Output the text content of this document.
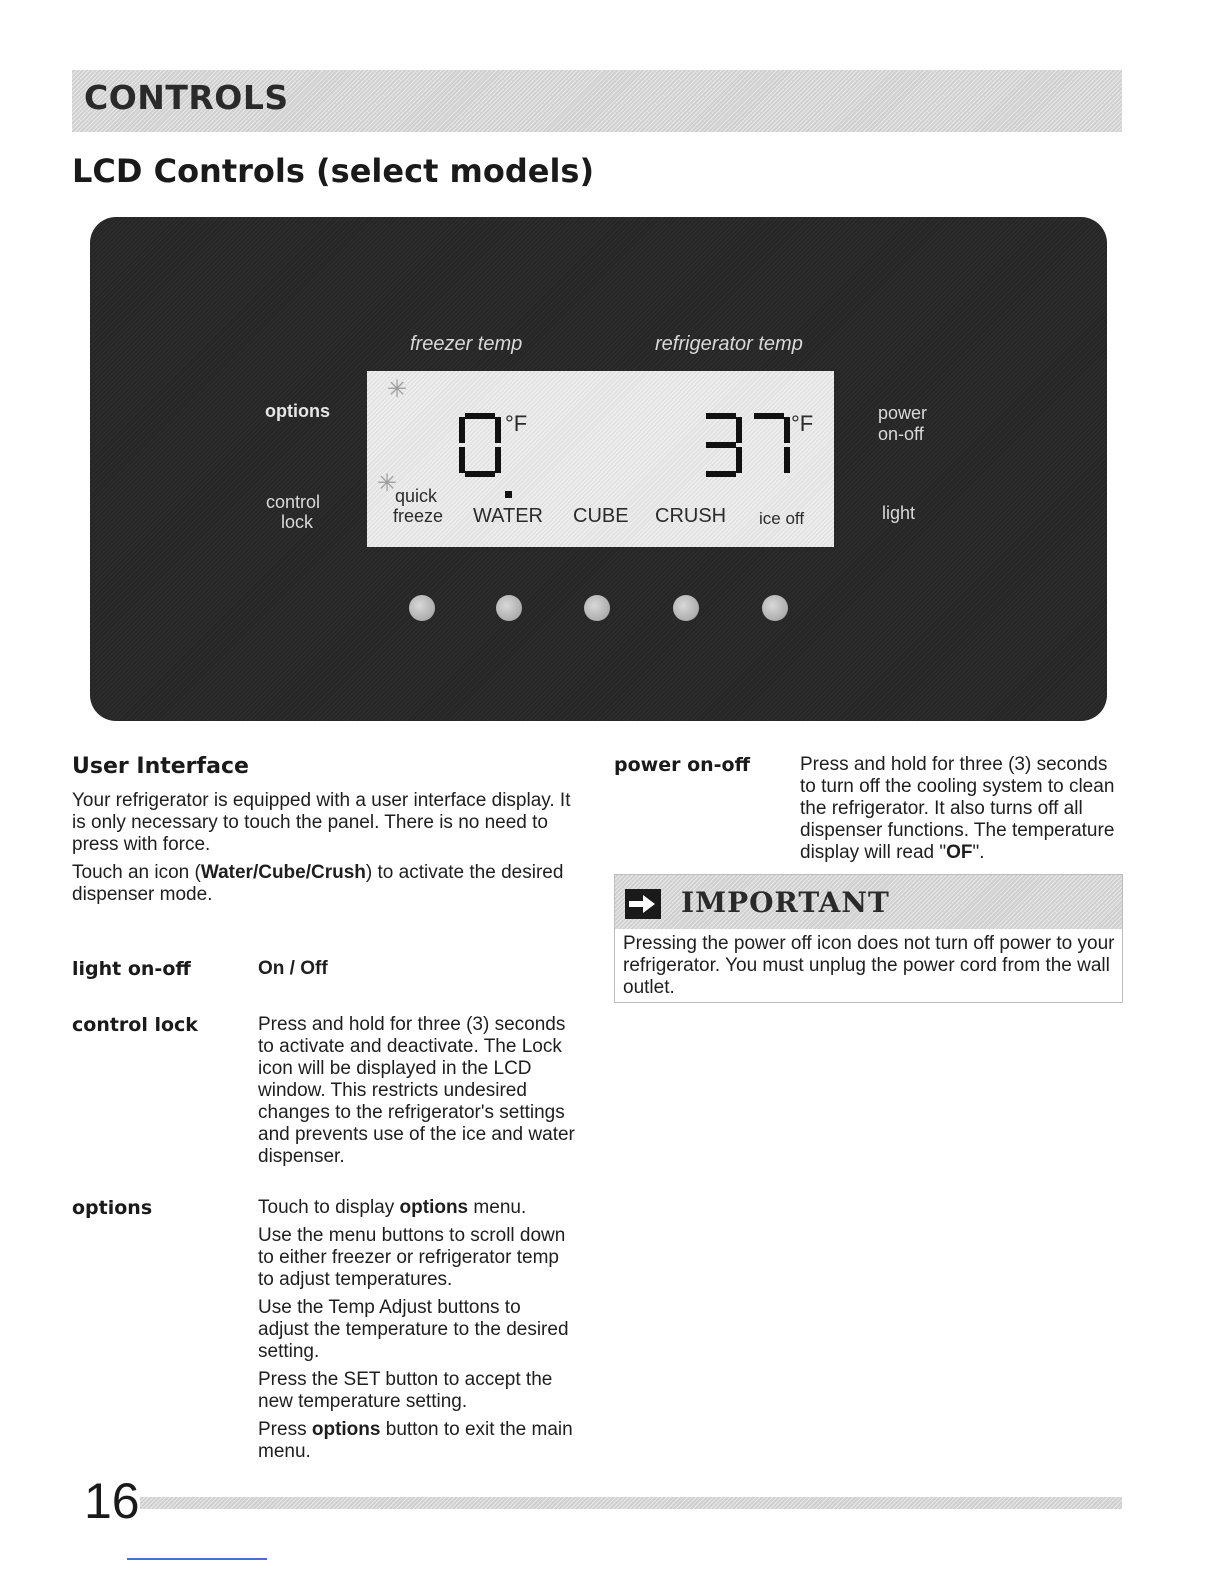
CONTROLS
LCD Controls (select models)
freezer temp	refrigerator temp
options
control
lock
power
on-off
light
✳
✳
°F	°F
quick
freeze WATER CUBE CRUSH ice off
User Interface

Your refrigerator is equipped with a user interface display. It is only necessary to touch the panel. There is no need to press with force.

Touch an icon (Water/Cube/Crush) to activate the desired dispenser mode.

light on-off	On / Off
control lock	Press and hold for three (3) seconds to activate and deactivate. The Lock icon will be displayed in the LCD window. This restricts undesired changes to the refrigerator's settings and prevents use of the ice and water dispenser.
options	Touch to display options menu.

Use the menu buttons to scroll down to either freezer or refrigerator temp to adjust temperatures.

Use the Temp Adjust buttons to adjust the temperature to the desired setting.

Press the SET button to accept the new temperature setting.

Press options button to exit the main menu.

power on-off	Press and hold for three (3) seconds to turn off the cooling system to clean the refrigerator. It also turns off all dispenser functions. The temperature display will read "OF".
IMPORTANT
Pressing the power off icon does not turn off power to your refrigerator. You must unplug the power cord from the wall outlet.
16
